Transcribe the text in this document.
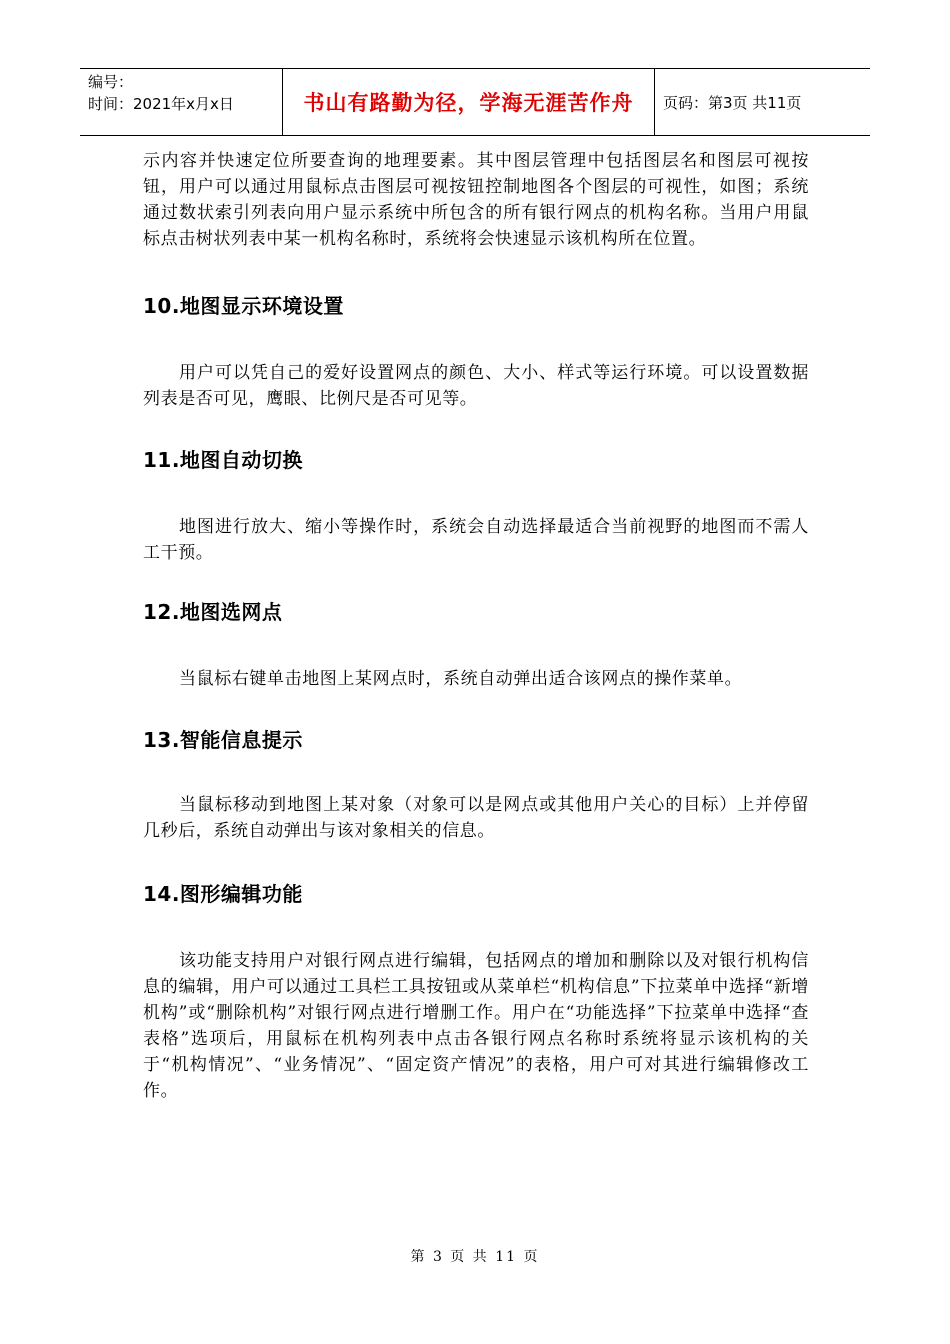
编号：
时间：2021年x月x日	书山有路勤为径，学海无涯苦作舟	页码：第3页 共11页

示内容并快速定位所要查询的地理要素。其中图层管理中包括图层名和图层可视按钮，用户可以通过用鼠标点击图层可视按钮控制地图各个图层的可视性，如图；系统通过数状索引列表向用户显示系统中所包含的所有银行网点的机构名称。当用户用鼠标点击树状列表中某一机构名称时，系统将会快速显示该机构所在位置。

10.地图显示环境设置

用户可以凭自己的爱好设置网点的颜色、大小、样式等运行环境。可以设置数据列表是否可见，鹰眼、比例尺是否可见等。

11.地图自动切换

地图进行放大、缩小等操作时，系统会自动选择最适合当前视野的地图而不需人工干预。

12.地图选网点

当鼠标右键单击地图上某网点时，系统自动弹出适合该网点的操作菜单。

13.智能信息提示

当鼠标移动到地图上某对象（对象可以是网点或其他用户关心的目标）上并停留几秒后，系统自动弹出与该对象相关的信息。

14.图形编辑功能

该功能支持用户对银行网点进行编辑，包括网点的增加和删除以及对银行机构信息的编辑，用户可以通过工具栏工具按钮或从菜单栏“机构信息”下拉菜单中选择“新增机构”或“删除机构”对银行网点进行增删工作。用户在“功能选择”下拉菜单中选择“查表格”选项后，用鼠标在机构列表中点击各银行网点名称时系统将显示该机构的关于“机构情况”、“业务情况”、“固定资产情况”的表格，用户可对其进行编辑修改工作。

第 3 页 共 11 页
